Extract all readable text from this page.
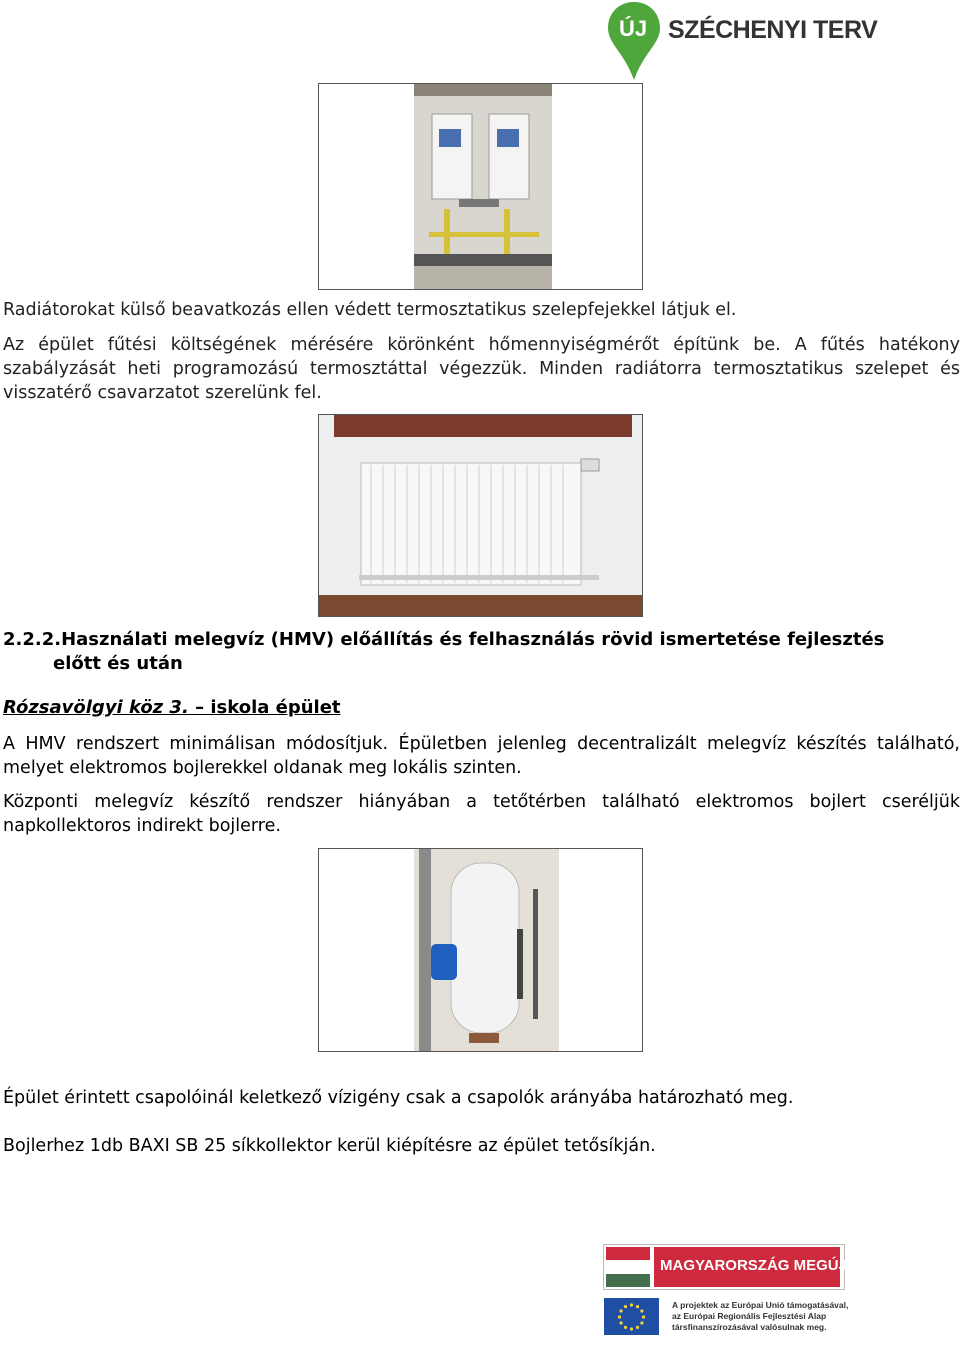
ÚJ SZÉCHENYI TERV

Radiátorokat külső beavatkozás ellen védett termosztatikus szelepfejekkel látjuk el.

Az épület fűtési költségének mérésére körönként hőmennyiségmérőt építünk be. A fűtés hatékony szabályzását heti programozású termosztáttal végezzük. Minden radiátorra termosztatikus szelepet és visszatérő csavarzatot szerelünk fel.

2.2.2.Használati melegvíz (HMV) előállítás és felhasználás rövid ismertetése fejlesztés
előtt és után
Rózsavölgyi köz 3. – iskola épület

A HMV rendszert minimálisan módosítjuk. Épületben jelenleg decentralizált melegvíz készítés található, melyet elektromos bojlerekkel oldanak meg lokális szinten.

Központi melegvíz készítő rendszer hiányában a tetőtérben található elektromos bojlert cseréljük napkollektoros indirekt bojlerre.

Épület érintett csapolóinál keletkező vízigény csak a csapolók arányába határozható meg.

Bojlerhez 1db BAXI SB 25 síkkollektor kerül kiépítésre az épület tetősíkján.

MAGYARORSZÁG MEGÚJUL
A projektek az Európai Unió támogatásával,
az Európai Regionális Fejlesztési Alap
társfinanszírozásával valósulnak meg.
